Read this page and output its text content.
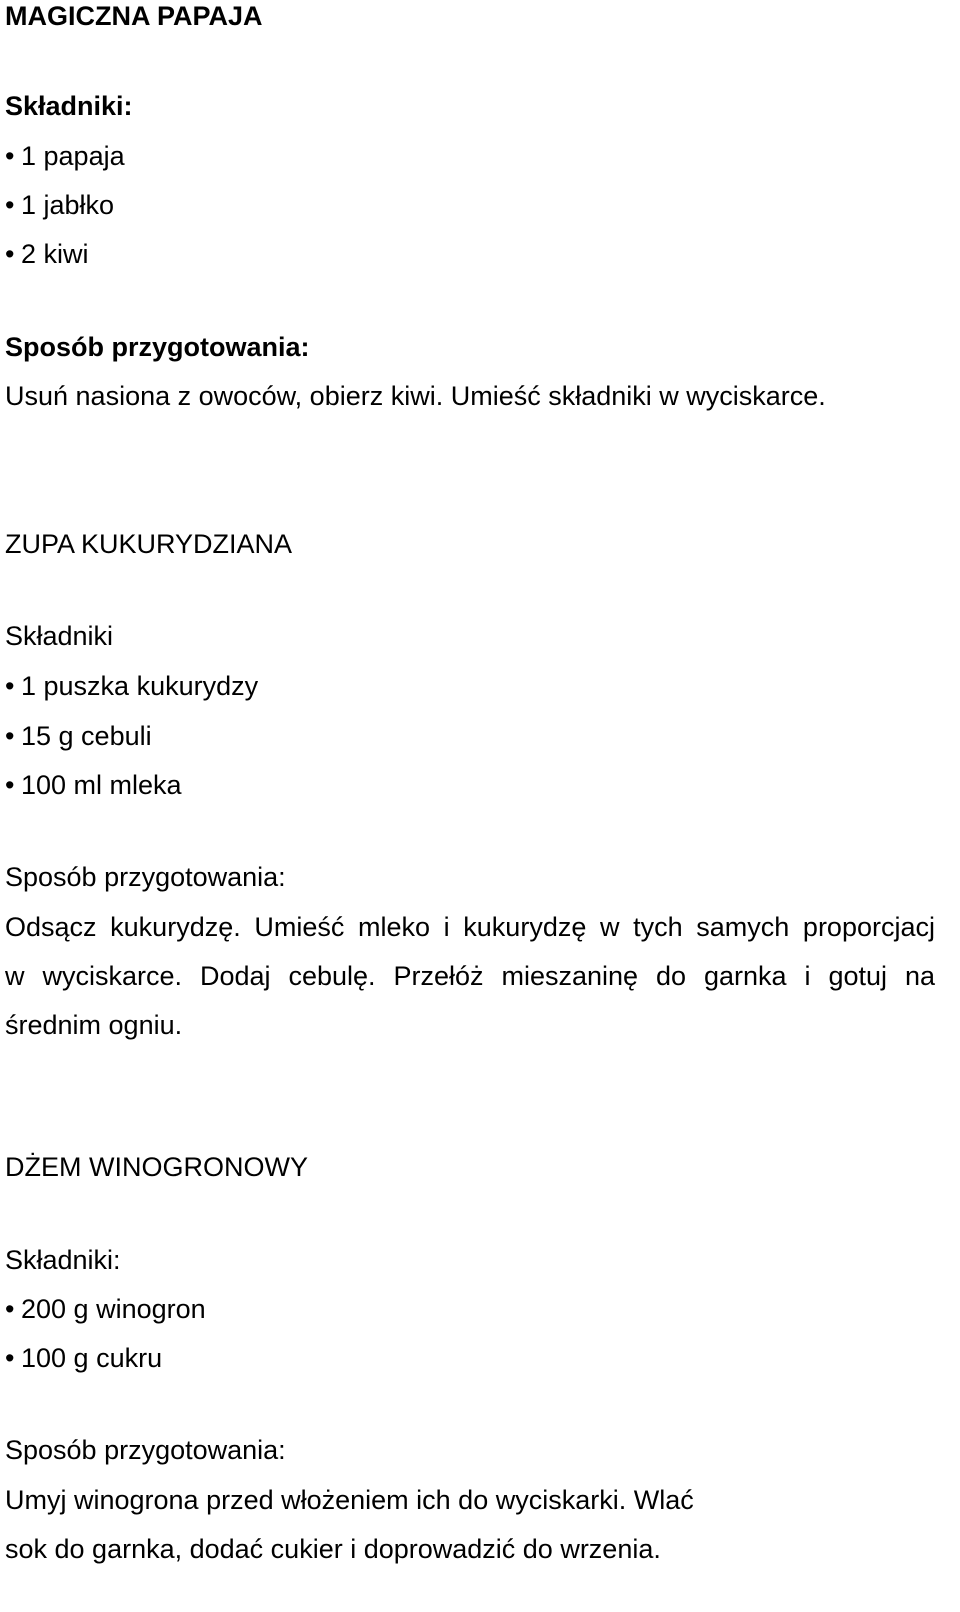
MAGICZNA PAPAJA

Składniki:

• 1 papaja

• 1 jabłko

• 2 kiwi

Sposób przygotowania:

Usuń nasiona z owoców, obierz kiwi. Umieść składniki w wyciskarce.

ZUPA KUKURYDZIANA

Składniki

• 1 puszka kukurydzy

• 15 g cebuli

• 100 ml mleka

Sposób przygotowania:

Odsącz kukurydzę. Umieść mleko i kukurydzę w tych samych proporcjacj

w wyciskarce. Dodaj cebulę. Przełóż mieszaninę do garnka i gotuj na

średnim ogniu.

DŻEM WINOGRONOWY

Składniki:

• 200 g winogron

• 100 g cukru

Sposób przygotowania:

Umyj winogrona przed włożeniem ich do wyciskarki. Wlać

sok do garnka, dodać cukier i doprowadzić do wrzenia.
